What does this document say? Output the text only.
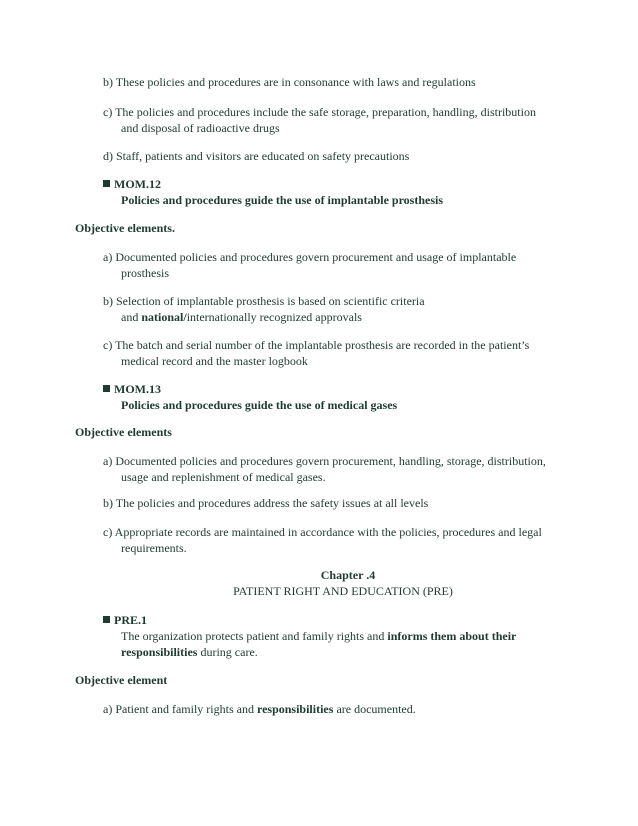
b) These policies and procedures are in consonance with laws and regulations
c) The policies and procedures include the safe storage, preparation, handling, distribution
and disposal of radioactive drugs
d) Staff, patients and visitors are educated on safety precautions
MOM.12
Policies and procedures guide the use of implantable prosthesis
Objective elements.
a) Documented policies and procedures govern procurement and usage of implantable
prosthesis
b) Selection of implantable prosthesis is based on scientific criteria
and national/internationally recognized approvals
c) The batch and serial number of the implantable prosthesis are recorded in the patient’s
medical record and the master logbook
MOM.13
Policies and procedures guide the use of medical gases
Objective elements
a) Documented policies and procedures govern procurement, handling, storage, distribution,
usage and replenishment of medical gases.
b) The policies and procedures address the safety issues at all levels
c) Appropriate records are maintained in accordance with the policies, procedures and legal
requirements.
Chapter .4
PATIENT RIGHT AND EDUCATION (PRE)
PRE.1
The organization protects patient and family rights and informs them about their
responsibilities during care.
Objective element
a) Patient and family rights and responsibilities are documented.
